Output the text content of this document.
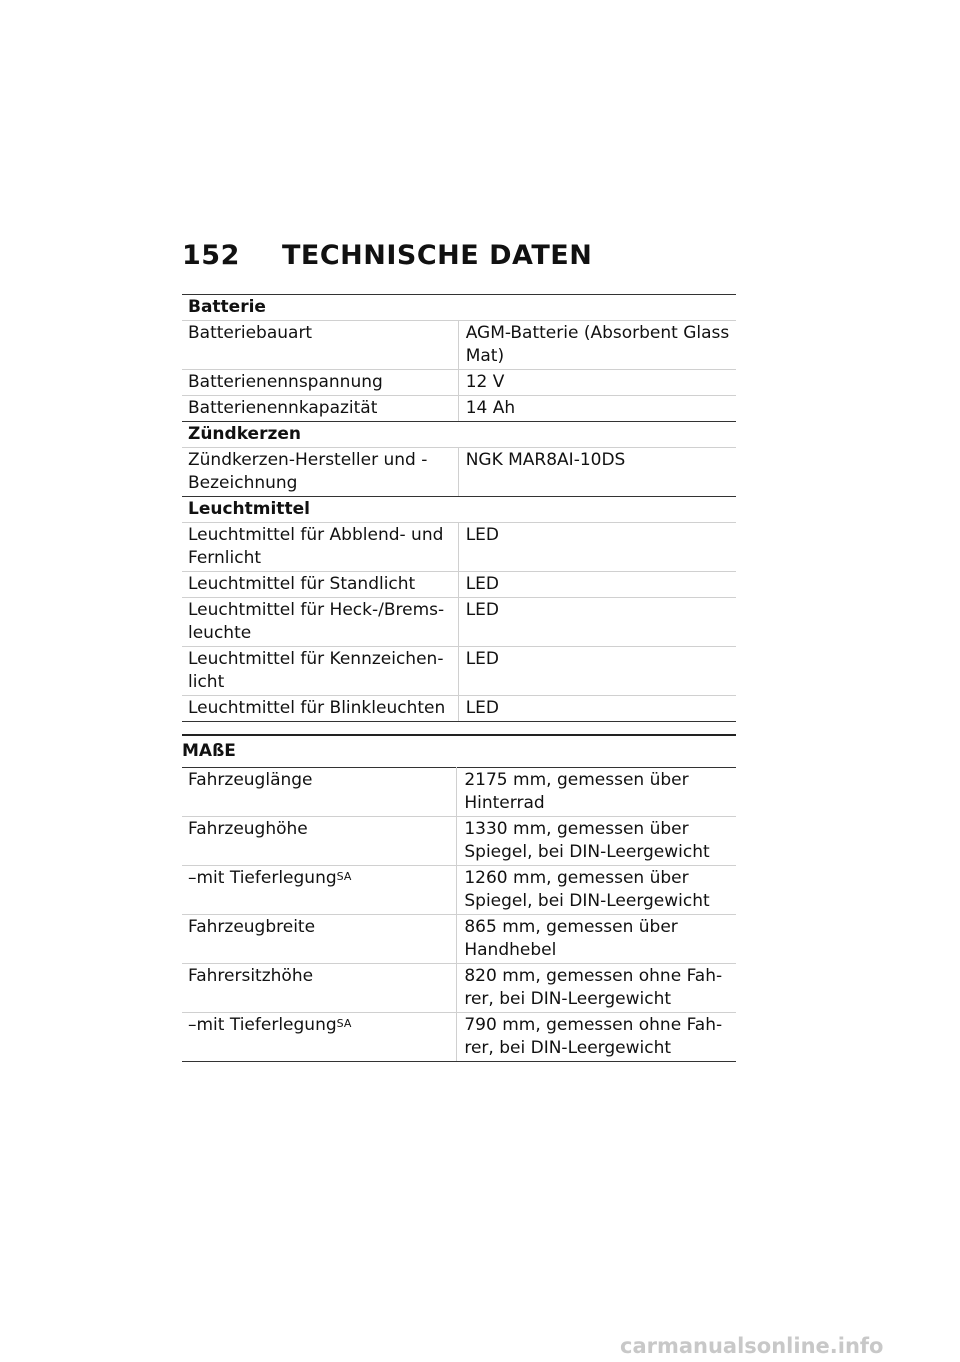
152 TECHNISCHE DATEN
Batterie	
Batteriebauart	AGM-Batterie (Absorbent Glass Mat)
Batterienennspannung	12 V
Batterienennkapazität	14 Ah
Zündkerzen	
Zündkerzen-Hersteller und -Bezeichnung	NGK MAR8AI-10DS
Leuchtmittel	
Leuchtmittel für Abblend- und Fernlicht	LED
Leuchtmittel für Standlicht	LED
Leuchtmittel für Heck-/Brems-leuchte	LED
Leuchtmittel für Kennzeichen-licht	LED
Leuchtmittel für Blinkleuchten	LED
MAßE
Fahrzeuglänge	2175 mm, gemessen über Hinterrad
Fahrzeughöhe	1330 mm, gemessen über Spiegel, bei DIN-Leergewicht
–mit Tieferlegung$^{SA}$	1260 mm, gemessen über Spiegel, bei DIN-Leergewicht
Fahrzeugbreite	865 mm, gemessen über Handhebel
Fahrersitzhöhe	820 mm, gemessen ohne Fah-rer, bei DIN-Leergewicht
–mit Tieferlegung$^{SA}$	790 mm, gemessen ohne Fah-rer, bei DIN-Leergewicht
carmanualsonline.info
